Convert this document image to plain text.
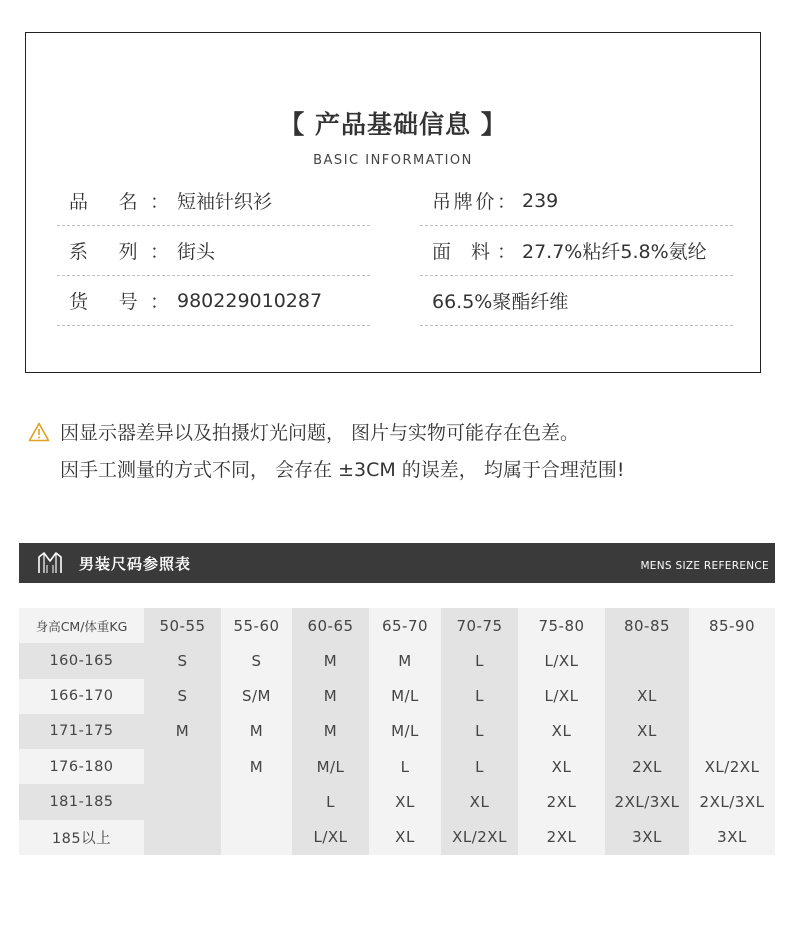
【 产品基础信息 】
BASIC INFORMATION
品 名： 短袖针织衫	吊牌价： 239
系 列： 街头	面 料： 27.7%粘纤5.8%氨纶
货 号： 980229010287	66.5%聚酯纤维
因显示器差异以及拍摄灯光问题， 图片与实物可能存在色差。
因手工测量的方式不同， 会存在 ±3CM 的误差， 均属于合理范围!
男装尺码参照表	MENS SIZE REFERENCE
身高CM/体重KG	50-55	55-60	60-65	65-70	70-75	75-80	80-85	85-90
160-165	S	S	M	M	L	L/XL		
166-170	S	S/M	M	M/L	L	L/XL	XL	
171-175	M	M	M	M/L	L	XL	XL	
176-180		M	M/L	L	L	XL	2XL	XL/2XL
181-185			L	XL	XL	2XL	2XL/3XL	2XL/3XL
185以上			L/XL	XL	XL/2XL	2XL	3XL	3XL
